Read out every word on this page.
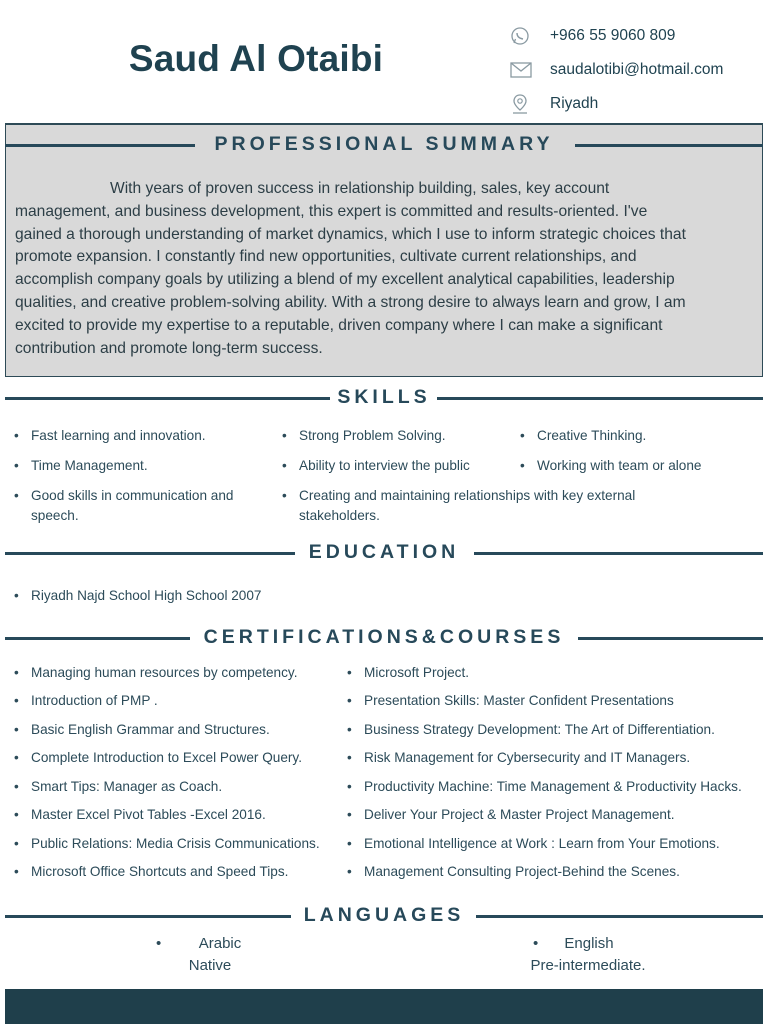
Saud Al Otaibi
+966 55 9060 809
saudalotibi@hotmail.com
Riyadh
PROFESSIONAL SUMMARY
With years of proven success in relationship building, sales, key account
management, and business development, this expert is committed and results-oriented. I've
gained a thorough understanding of market dynamics, which I use to inform strategic choices that
promote expansion. I constantly find new opportunities, cultivate current relationships, and
accomplish company goals by utilizing a blend of my excellent analytical capabilities, leadership
qualities, and creative problem-solving ability. With a strong desire to always learn and grow, I am
excited to provide my expertise to a reputable, driven company where I can make a significant
contribution and promote long-term success.
SKILLS
• Fast learning and innovation.	• Strong Problem Solving.	• Creative Thinking.
• Time Management.	• Ability to interview the public	• Working with team or alone
• Good skills in communication and speech.
• Creating and maintaining relationships with key external stakeholders.
EDUCATION
• Riyadh Najd School High School 2007
CERTIFICATIONS&COURSES
• Managing human resources by competency.
• Introduction of PMP .
• Basic English Grammar and Structures.
• Complete Introduction to Excel Power Query.
• Smart Tips: Manager as Coach.
• Master Excel Pivot Tables -Excel 2016.
• Public Relations: Media Crisis Communications.
• Microsoft Office Shortcuts and Speed Tips.
• Microsoft Project.
• Presentation Skills: Master Confident Presentations
• Business Strategy Development: The Art of Differentiation.
• Risk Management for Cybersecurity and IT Managers.
• Productivity Machine: Time Management & Productivity Hacks.
• Deliver Your Project & Master Project Management.
• Emotional Intelligence at Work : Learn from Your Emotions.
• Management Consulting Project-Behind the Scenes.
LANGUAGES
• Arabic
Native
• English
Pre-intermediate.
